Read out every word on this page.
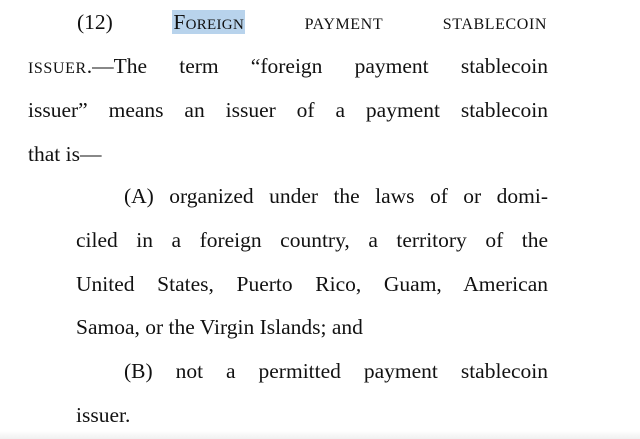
(12)	Foreign	PAYMENT	STABLECOIN
ISSUER.—The term “foreign payment stablecoin
issuer” means an issuer of a payment stablecoin
that is—
(A) organized under the laws of or domi-
ciled in a foreign country, a territory of the
United States, Puerto Rico, Guam, American
Samoa, or the Virgin Islands; and
(B) not a permitted payment stablecoin
issuer.
